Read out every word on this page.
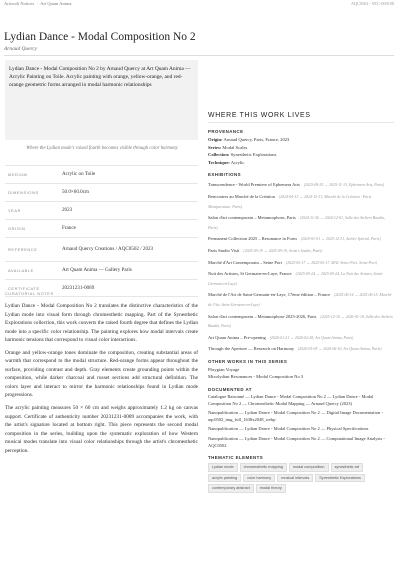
Artwork Notices  ·  Art Quam Anima	AQC0502 - NTC-000198
Lydian Dance - Modal Composition No 2
Arnaud Quercy

Lydian Dance - Modal Composition No 2 by Arnaud Quercy at Art Quam Anima — Acrylic Painting on Toile. Acrylic painting with orange, yellow-orange, and red-orange geometric forms arranged in modal harmonic relationships

Where the Lydian mode's raised fourth becomes visible through color harmony
MEDIUM	Acrylic on Toile
DIMENSIONS	50.0×60.0cm
YEAR	2023
ORIGIN	France
REFERENCE	Arnaud Quercy Creations / AQC0502 / 2023
AVAILABLE	Art Quam Anima — Gallery Paris
CERTIFICATE	20231231-0089
CURATORIAL NOTES

Lydian Dance - Modal Composition No 2 translates the distinctive characteristics of the Lydian mode into visual form through chromesthetic mapping. Part of the Synesthetic Explorations collection, this work converts the raised fourth degree that defines the Lydian mode into a specific color relationship. The painting explores how modal intervals create harmonic tensions that correspond to visual color interactions.

Orange and yellow-orange tones dominate the composition, creating substantial areas of warmth that correspond to the modal structure. Red-orange forms appear throughout the surface, providing contrast and depth. Gray elements create grounding points within the composition, while darker charcoal and russet sections add structural definition. The colors layer and interact to mirror the harmonic relationships found in Lydian mode progressions.

The acrylic painting measures 50 × 60 cm and weighs approximately 1.2 kg on canvas support. Certificate of authenticity number 20231231-0089 accompanies the work, with the artist's signature located at bottom right. This piece represents the second modal composition in the series, building upon the systematic exploration of how Western musical modes translate into visual color relationships through the artist's chromesthetic perception.

WHERE THIS WORK LIVES
PROVENANCE
Origin: Arnaud Quercy, Paris, France, 2023
Series: Modal Scales
Collection: Synesthetic Explorations
Technique: Acrylic
EXHIBITIONS
Transcendence - World Premiere of Ephemera Arts (2025-09-29 → 2025-11-13, Ephemera Arts, Paris)
Rencontres au Marché de la Création (2024-04-13 → 2024-12-31, Marché de la Création - Paris Montparnasse, Paris)
Salon d'art contemporain – Metamorphose, Paris (2024-11-26 → 2024-12-01, Salle des Ateliers Baudin, Paris)
Permanent Collection 2025 – Resonance in Form (2025-01-01 → 2025-12-31, Atelier Spécial, Paris)
Paris Studio Visit (2025-05-19 → 2025-05-19, Artist's Studio, Paris)
Marché d'Art Contemporain – Seine Port (2025-05-17 → 2025-05-17, MAC Seine-Port, Seine-Port)
Nuit des Artistes, St Germain-en-Laye, France (2025-05-24 → 2025-05-24, La Nuit des Artistes, Saint-Germain-en-Laye)
Marché de l'Art de Saint-Germain-en-Laye, 17ème édition – France (2025-06-14 → 2025-06-15, Marché de l'Art, Saint-Germain-en-Laye)
Salon d'art contemporain – Metamorphose 2025-2026, Paris (2025-12-16 → 2026-01-10, Salle des Ateliers Baudin, Paris)
Art Quam Anima – Pre-opening (2026-01-21 → 2026-02-28, Art Quam Anima, Paris)
Through the Aperture — Research on Harmony (2026-03-05 → 2026-06-30, Art Quam Anima, Paris)
OTHER WORKS IN THIS SERIES
Phrygian Voyage
Mixolydian Resonances - Modal Composition No 3
DOCUMENTED AT
Catalogue Raisonné — Lydian Dance - Modal Composition No 2 — Lydian Dance - Modal Composition No 2 — Chromesthetic Modal Mapping — Arnaud Quercy (2023)
Nanopublication — Lydian Dance - Modal Composition No 2 — Digital Image Documentation - aqc0502_img_full_1638x2048_webp
Nanopublication — Lydian Dance - Modal Composition No 2 — Physical Specifications
Nanopublication — Lydian Dance - Modal Composition No 2 — Computational Image Analysis - AQC0502
THEMATIC ELEMENTS
Lydian mode	chromesthetic mapping	modal composition	synesthetic art
acrylic painting	color harmony	musical intervals	Synesthetic Explorations
contemporary abstract	modal theory
